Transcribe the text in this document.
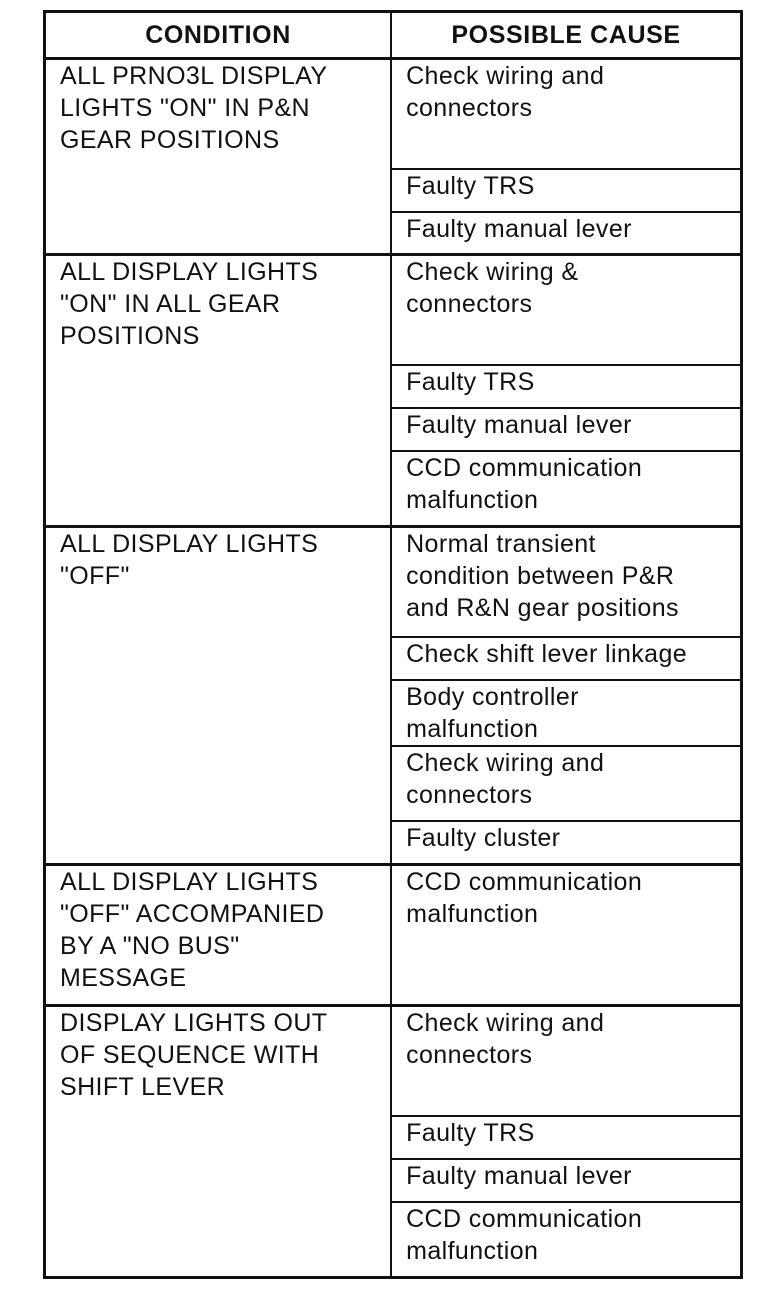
CONDITION	POSSIBLE CAUSE
ALL PRNO3L DISPLAY
LIGHTS "ON" IN P&N
GEAR POSITIONS	Check wiring and
connectors
	Faulty TRS
	Faulty manual lever
ALL DISPLAY LIGHTS
"ON" IN ALL GEAR
POSITIONS	Check wiring &
connectors
	Faulty TRS
	Faulty manual lever
	CCD communication
malfunction
ALL DISPLAY LIGHTS
"OFF"	Normal transient
condition between P&R
and R&N gear positions
	Check shift lever linkage
	Body controller
malfunction
	Check wiring and
connectors
	Faulty cluster
ALL DISPLAY LIGHTS
"OFF" ACCOMPANIED
BY A "NO BUS"
MESSAGE	CCD communication
malfunction
DISPLAY LIGHTS OUT
OF SEQUENCE WITH
SHIFT LEVER	Check wiring and
connectors
	Faulty TRS
	Faulty manual lever
	CCD communication
malfunction
